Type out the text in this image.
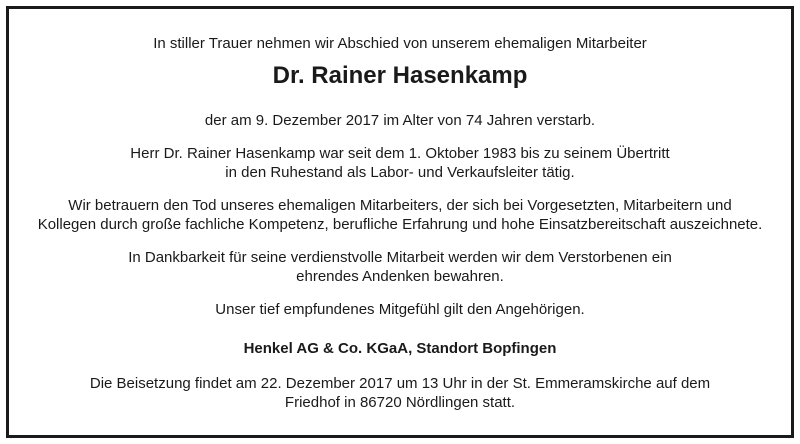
In stiller Trauer nehmen wir Abschied von unserem ehemaligen Mitarbeiter
Dr. Rainer Hasenkamp
der am 9. Dezember 2017 im Alter von 74 Jahren verstarb.
Herr Dr. Rainer Hasenkamp war seit dem 1. Oktober 1983 bis zu seinem Übertritt
in den Ruhestand als Labor- und Verkaufsleiter tätig.
Wir betrauern den Tod unseres ehemaligen Mitarbeiters, der sich bei Vorgesetzten, Mitarbeitern und
Kollegen durch große fachliche Kompetenz, berufliche Erfahrung und hohe Einsatzbereitschaft auszeichnete.
In Dankbarkeit für seine verdienstvolle Mitarbeit werden wir dem Verstorbenen ein
ehrendes Andenken bewahren.
Unser tief empfundenes Mitgefühl gilt den Angehörigen.
Henkel AG & Co. KGaA, Standort Bopfingen
Die Beisetzung findet am 22. Dezember 2017 um 13 Uhr in der St. Emmeramskirche auf dem
Friedhof in 86720 Nördlingen statt.
